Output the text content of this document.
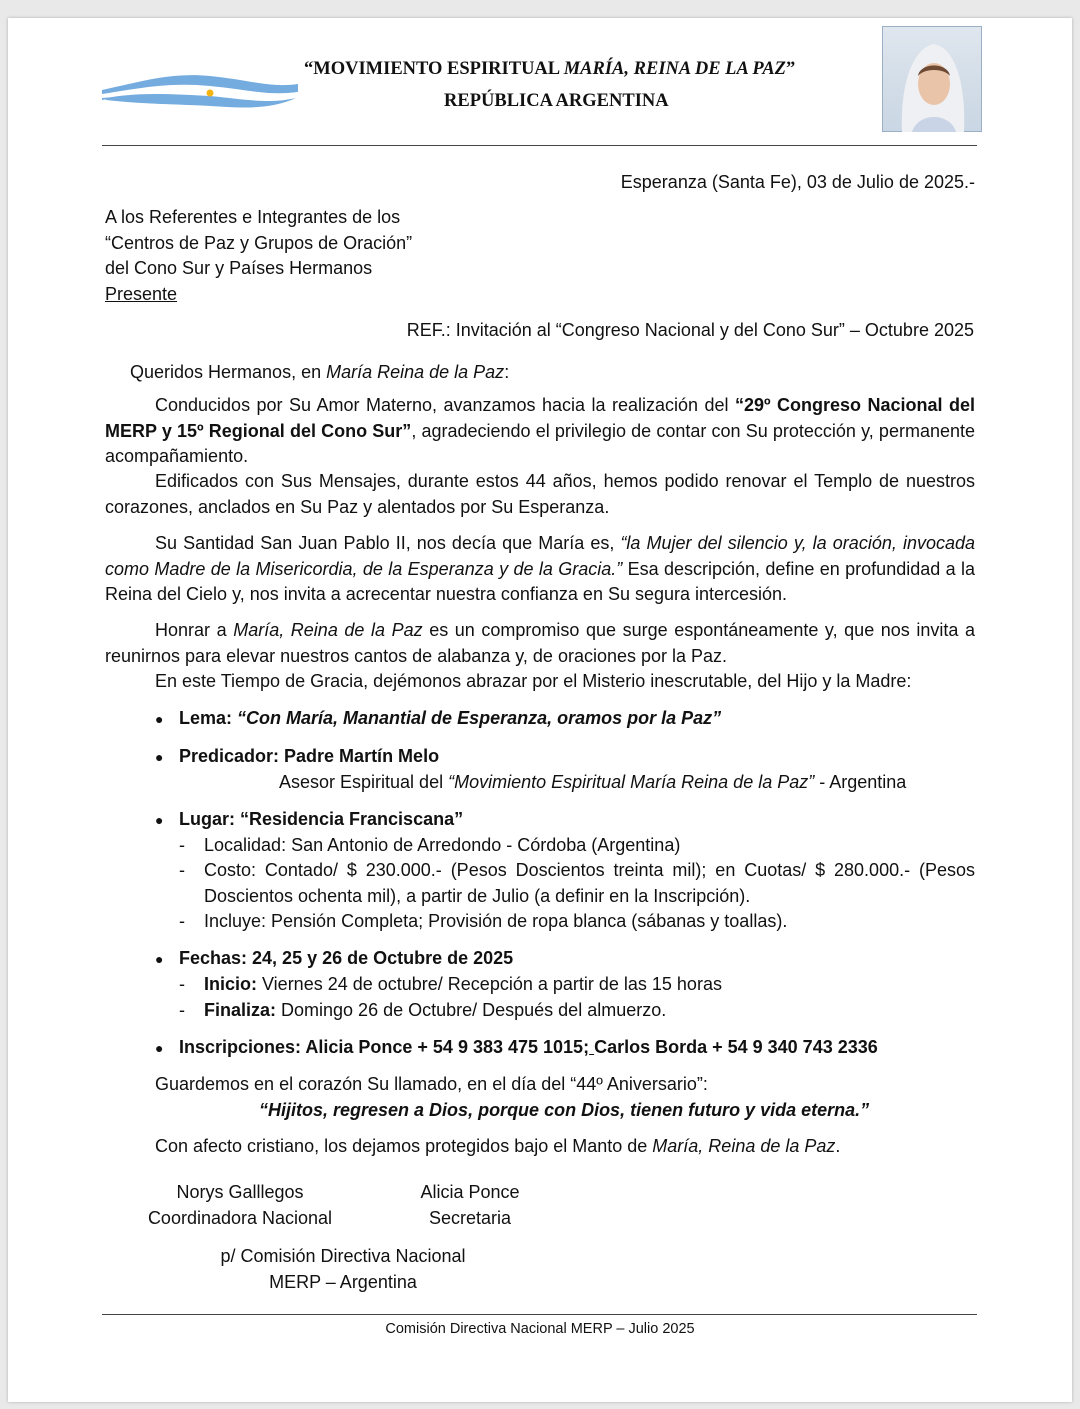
“MOVIMIENTO ESPIRITUAL MARÍA, REINA DE LA PAZ”
REPÚBLICA ARGENTINA
Esperanza (Santa Fe), 03 de Julio de 2025.-
A los Referentes e Integrantes de los
“Centros de Paz y Grupos de Oración”
del Cono Sur y Países Hermanos
Presente
REF.: Invitación al “Congreso Nacional y del Cono Sur” – Octubre 2025
Queridos Hermanos, en María Reina de la Paz:
Conducidos por Su Amor Materno, avanzamos hacia la realización del “29º Congreso Nacional del MERP y 15º Regional del Cono Sur”, agradeciendo el privilegio de contar con Su protección y, permanente acompañamiento.
Edificados con Sus Mensajes, durante estos 44 años, hemos podido renovar el Templo de nuestros corazones, anclados en Su Paz y alentados por Su Esperanza.
Su Santidad San Juan Pablo II, nos decía que María es, “la Mujer del silencio y, la oración, invocada como Madre de la Misericordia, de la Esperanza y de la Gracia.” Esa descripción, define en profundidad a la Reina del Cielo y, nos invita a acrecentar nuestra confianza en Su segura intercesión.
Honrar a María, Reina de la Paz es un compromiso que surge espontáneamente y, que nos invita a reunirnos para elevar nuestros cantos de alabanza y, de oraciones por la Paz.
En este Tiempo de Gracia, dejémonos abrazar por el Misterio inescrutable, del Hijo y la Madre:
● Lema: “Con María, Manantial de Esperanza, oramos por la Paz”
● Predicador: Padre Martín Melo
Asesor Espiritual del “Movimiento Espiritual María Reina de la Paz” - Argentina
● Lugar: “Residencia Franciscana”
- Localidad: San Antonio de Arredondo - Córdoba (Argentina)
- Costo: Contado/ $ 230.000.- (Pesos Doscientos treinta mil); en Cuotas/ $ 280.000.- (Pesos Doscientos ochenta mil), a partir de Julio (a definir en la Inscripción).
- Incluye: Pensión Completa; Provisión de ropa blanca (sábanas y toallas).
● Fechas: 24, 25 y 26 de Octubre de 2025
- Inicio: Viernes 24 de octubre/ Recepción a partir de las 15 horas
- Finaliza: Domingo 26 de Octubre/ Después del almuerzo.
● Inscripciones: Alicia Ponce + 54 9 383 475 1015; Carlos Borda + 54 9 340 743 2336
Guardemos en el corazón Su llamado, en el día del “44º Aniversario”:
“Hijitos, regresen a Dios, porque con Dios, tienen futuro y vida eterna.”
Con afecto cristiano, los dejamos protegidos bajo el Manto de María, Reina de la Paz.
Norys Galllegos
Coordinadora Nacional
Alicia Ponce
Secretaria
p/ Comisión Directiva Nacional
MERP – Argentina
Comisión Directiva Nacional MERP – Julio 2025
